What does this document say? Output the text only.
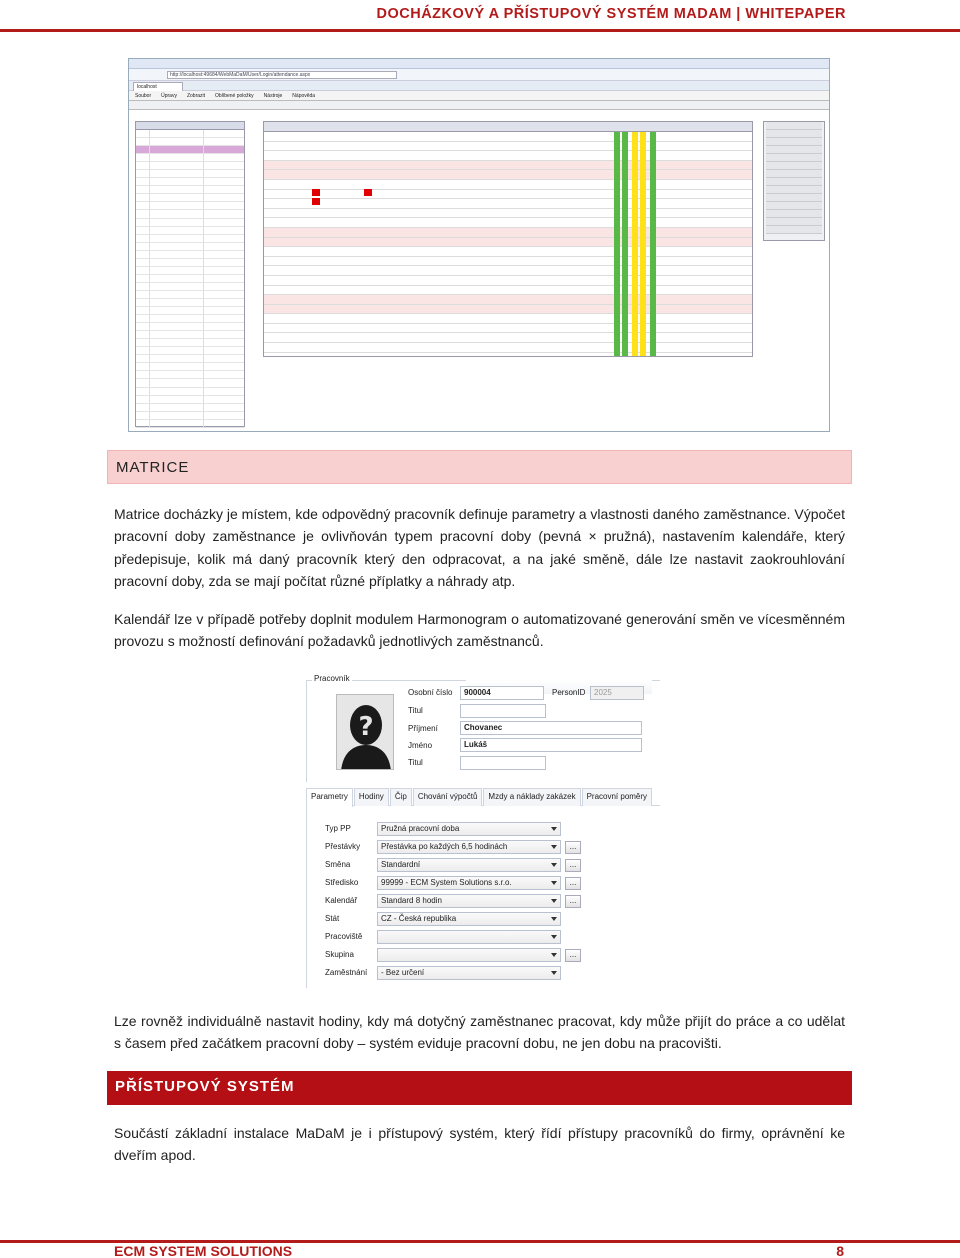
DOCHÁZKOVÝ A PŘÍSTUPOVÝ SYSTÉM MADAM | WHITEPAPER
http://localhost:49684/WebMaDaM/User/Login/attendance.aspx
localhost
Soubor Úpravy Zobrazit Oblíbené položky Nástroje Nápověda
MATRICE
Matrice docházky je místem, kde odpovědný pracovník definuje parametry a vlastnosti daného zaměstnance. Výpočet pracovní doby zaměstnance je ovlivňován typem pracovní doby (pevná × pružná), nastavením kalendáře, který předepisuje, kolik má daný pracovník který den odpracovat, a na jaké směně, dále lze nastavit zaokrouhlování pracovní doby, zda se mají počítat různé příplatky a náhrady atp.
Kalendář lze v případě potřeby doplnit modulem Harmonogram o automatizované generování směn ve vícesměnném provozu s možností definování požadavků jednotlivých zaměstnanců.
Pracovník
?
Osobní číslo	900004	PersonID	2025
Titul
Příjmení	Chovanec
Jméno	Lukáš
Titul
Parametry	Hodiny	Čip	Chování výpočtů	Mzdy a náklady zakázek	Pracovní poměry
Typ PP	Pružná pracovní doba
Přestávky	Přestávka po každých 6,5 hodinách	...
Směna	Standardní	...
Středisko	99999 - ECM System Solutions s.r.o.	...
Kalendář	Standard 8 hodin	...
Stát	CZ - Česká republika
Pracoviště
Skupina	...
Zaměstnání	- Bez určení
Lze rovněž individuálně nastavit hodiny, kdy má dotyčný zaměstnanec pracovat, kdy může přijít do práce a co udělat s časem před začátkem pracovní doby – systém eviduje pracovní dobu, ne jen dobu na pracovišti.
PŘÍSTUPOVÝ SYSTÉM
Součástí základní instalace MaDaM je i přístupový systém, který řídí přístupy pracovníků do firmy, oprávnění ke dveřím apod.
ECM SYSTEM SOLUTIONS	8
